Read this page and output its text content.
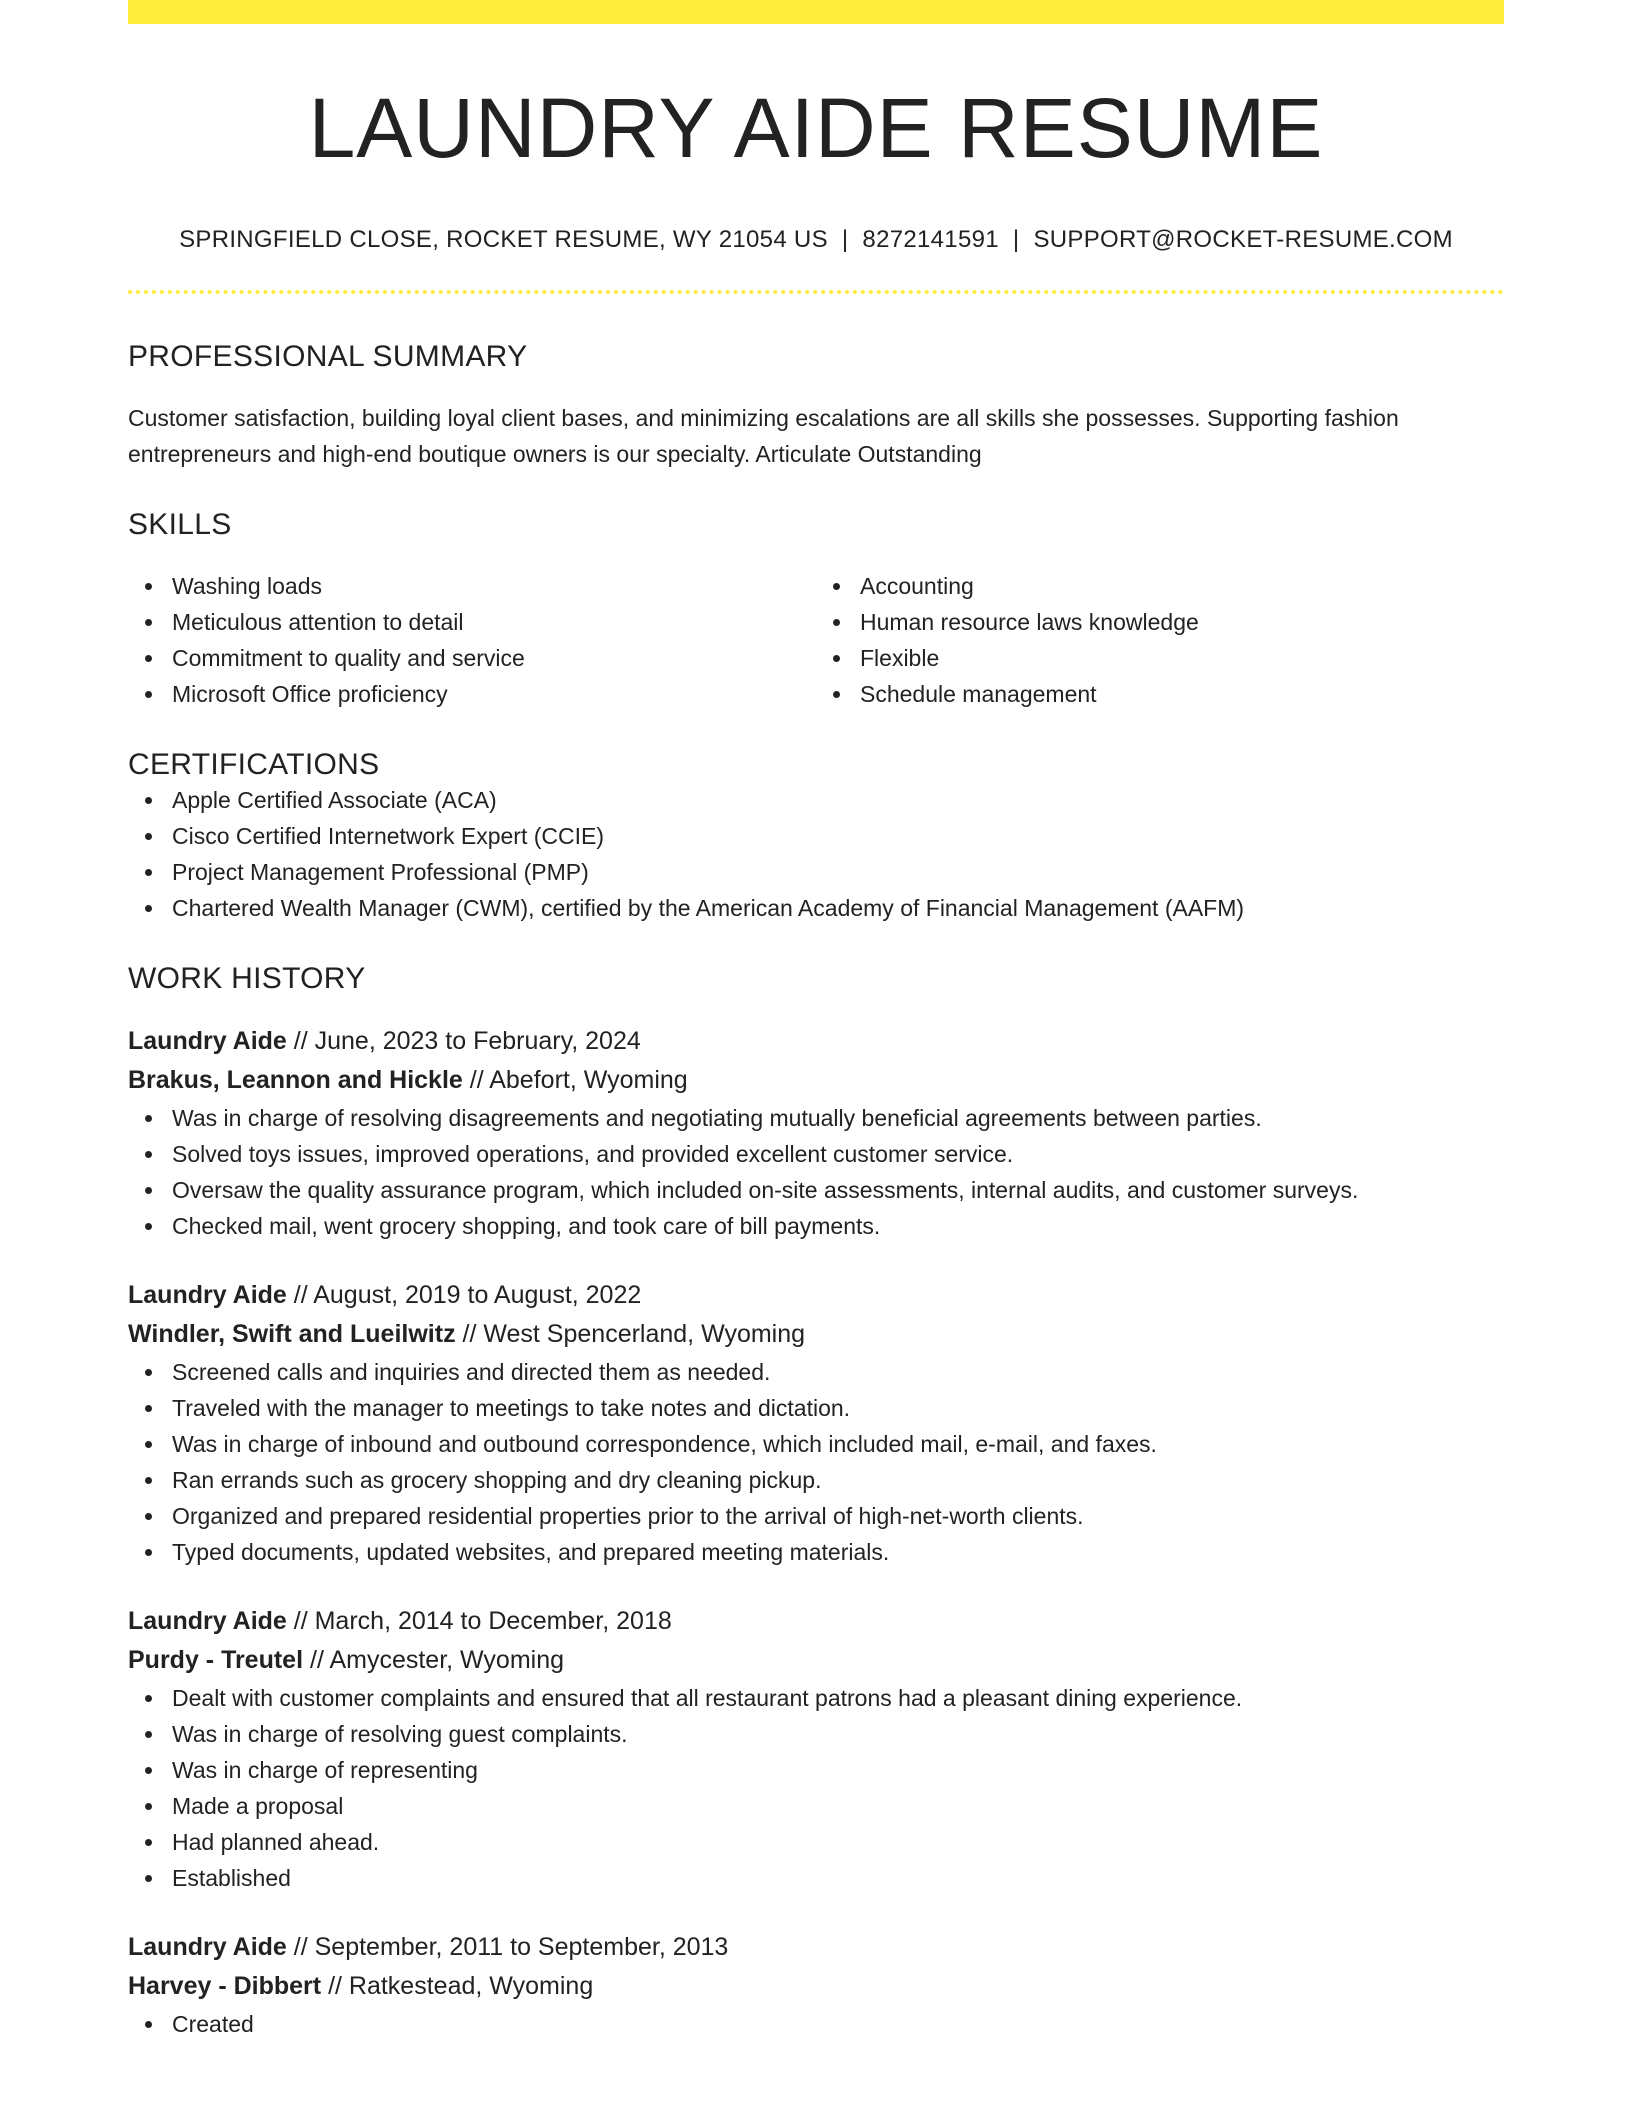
LAUNDRY AIDE RESUME
SPRINGFIELD CLOSE, ROCKET RESUME, WY 21054 US | 8272141591 | SUPPORT@ROCKET-RESUME.COM
PROFESSIONAL SUMMARY
Customer satisfaction, building loyal client bases, and minimizing escalations are all skills she possesses. Supporting fashion entrepreneurs and high-end boutique owners is our specialty. Articulate Outstanding
SKILLS
Washing loads
Meticulous attention to detail
Commitment to quality and service
Microsoft Office proficiency
Accounting
Human resource laws knowledge
Flexible
Schedule management
CERTIFICATIONS
Apple Certified Associate (ACA)
Cisco Certified Internetwork Expert (CCIE)
Project Management Professional (PMP)
Chartered Wealth Manager (CWM), certified by the American Academy of Financial Management (AAFM)
WORK HISTORY
Laundry Aide // June, 2023 to February, 2024
Brakus, Leannon and Hickle // Abefort, Wyoming
Was in charge of resolving disagreements and negotiating mutually beneficial agreements between parties.
Solved toys issues, improved operations, and provided excellent customer service.
Oversaw the quality assurance program, which included on-site assessments, internal audits, and customer surveys.
Checked mail, went grocery shopping, and took care of bill payments.
Laundry Aide // August, 2019 to August, 2022
Windler, Swift and Lueilwitz // West Spencerland, Wyoming
Screened calls and inquiries and directed them as needed.
Traveled with the manager to meetings to take notes and dictation.
Was in charge of inbound and outbound correspondence, which included mail, e-mail, and faxes.
Ran errands such as grocery shopping and dry cleaning pickup.
Organized and prepared residential properties prior to the arrival of high-net-worth clients.
Typed documents, updated websites, and prepared meeting materials.
Laundry Aide // March, 2014 to December, 2018
Purdy - Treutel // Amycester, Wyoming
Dealt with customer complaints and ensured that all restaurant patrons had a pleasant dining experience.
Was in charge of resolving guest complaints.
Was in charge of representing
Made a proposal
Had planned ahead.
Established
Laundry Aide // September, 2011 to September, 2013
Harvey - Dibbert // Ratkestead, Wyoming
Created
